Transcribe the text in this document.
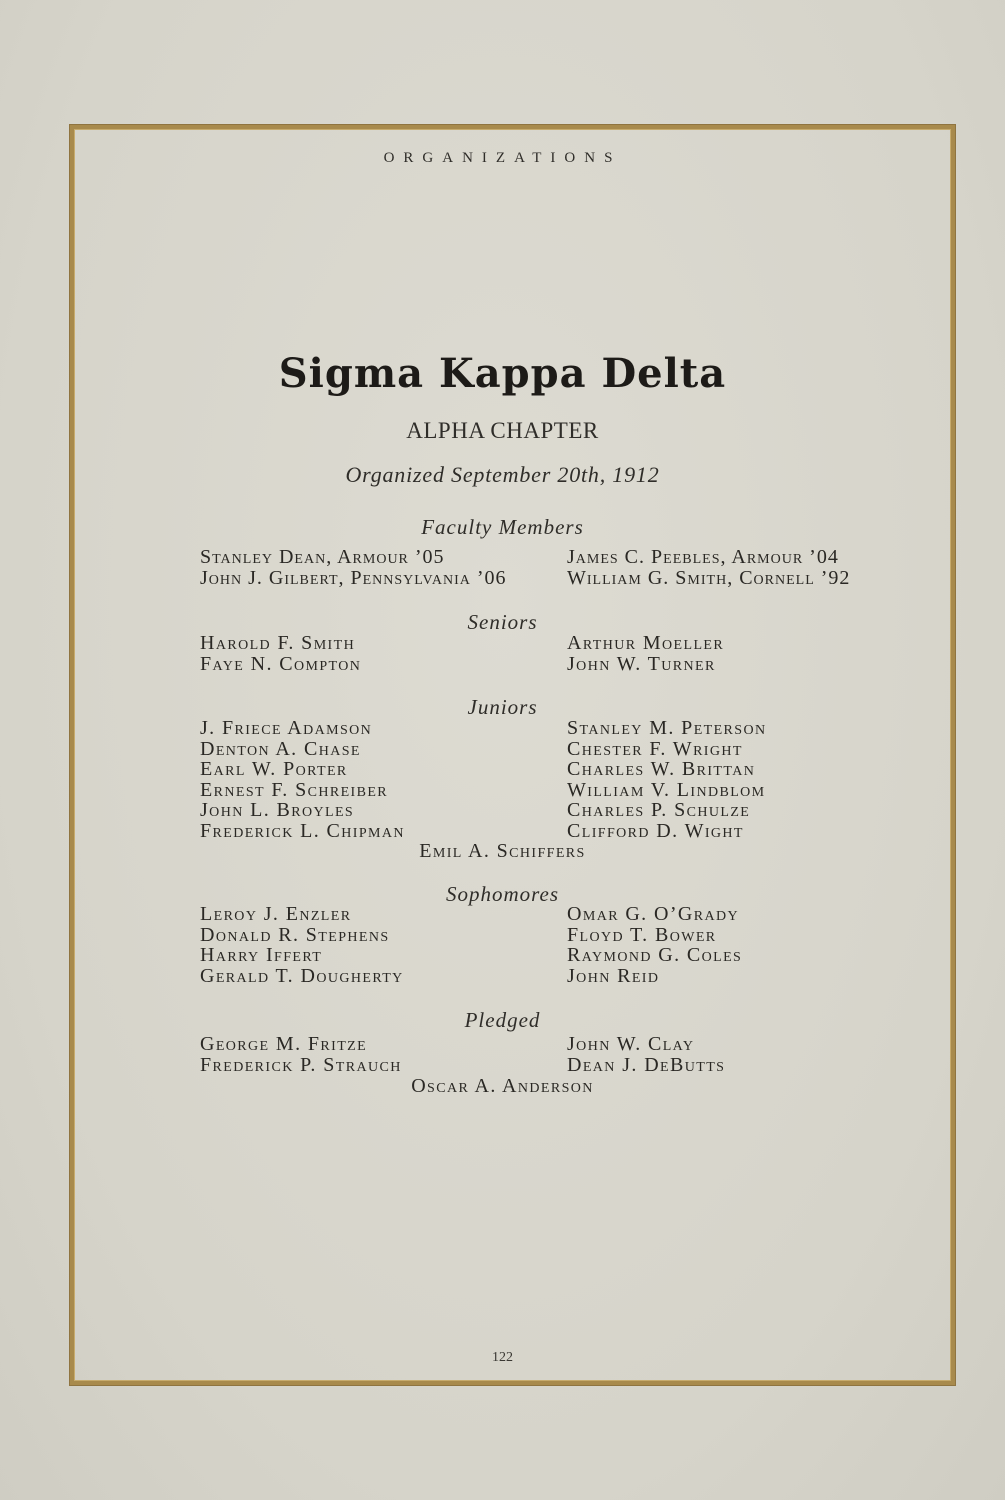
ORGANIZATIONS
Sigma Kappa Delta
ALPHA CHAPTER
Organized September 20th, 1912
Faculty Members
Stanley Dean, Armour ’05
John J. Gilbert, Pennsylvania ’06
James C. Peebles, Armour ’04
William G. Smith, Cornell ’92
Seniors
Harold F. Smith
Faye N. Compton
Arthur Moeller
John W. Turner
Juniors
J. Friece Adamson
Denton A. Chase
Earl W. Porter
Ernest F. Schreiber
John L. Broyles
Frederick L. Chipman
Stanley M. Peterson
Chester F. Wright
Charles W. Brittan
William V. Lindblom
Charles P. Schulze
Clifford D. Wight
Emil A. Schiffers
Sophomores
Leroy J. Enzler
Donald R. Stephens
Harry Iffert
Gerald T. Dougherty
Omar G. O’Grady
Floyd T. Bower
Raymond G. Coles
John Reid
Pledged
George M. Fritze
Frederick P. Strauch
John W. Clay
Dean J. DeButts
Oscar A. Anderson
122
